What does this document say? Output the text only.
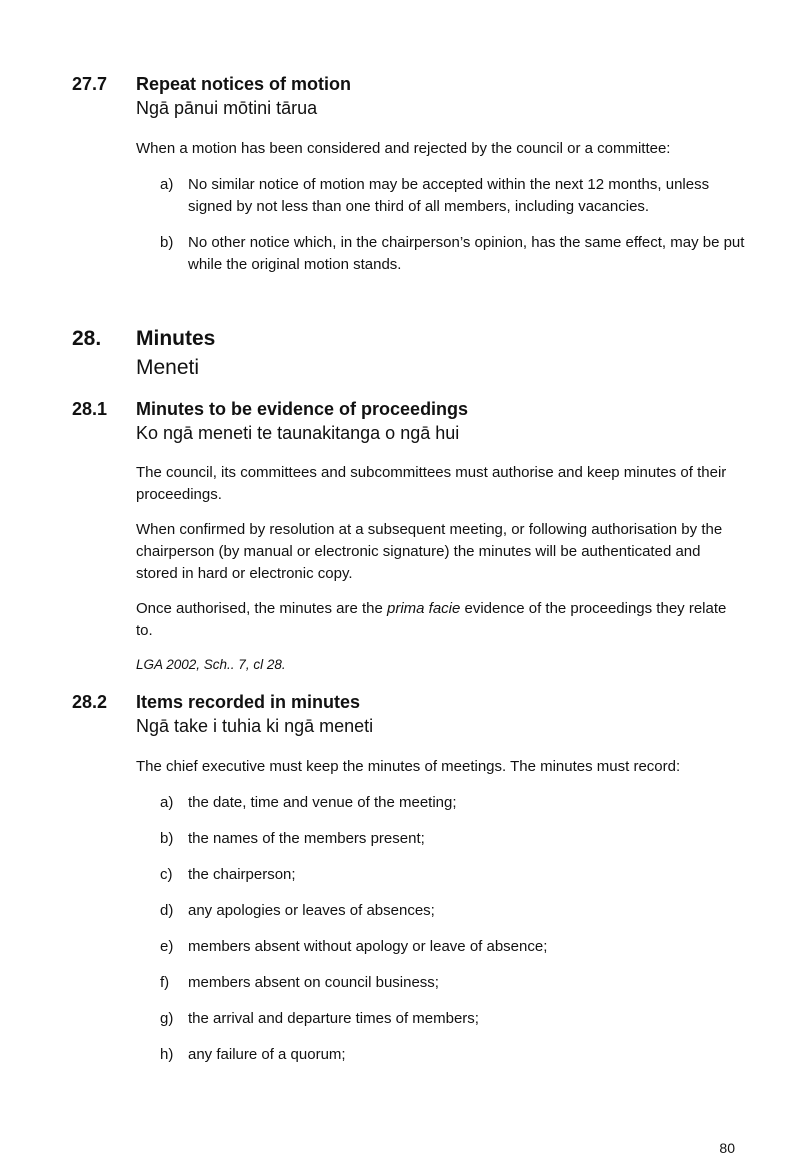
27.7 Repeat notices of motion
Ngā pānui mōtini tārua
When a motion has been considered and rejected by the council or a committee:
a) No similar notice of motion may be accepted within the next 12 months, unless signed by not less than one third of all members, including vacancies.
b) No other notice which, in the chairperson’s opinion, has the same effect, may be put while the original motion stands.
28. Minutes
Meneti
28.1 Minutes to be evidence of proceedings
Ko ngā meneti te taunakitanga o ngā hui
The council, its committees and subcommittees must authorise and keep minutes of their proceedings.
When confirmed by resolution at a subsequent meeting, or following authorisation by the chairperson (by manual or electronic signature) the minutes will be authenticated and stored in hard or electronic copy.
Once authorised, the minutes are the prima facie evidence of the proceedings they relate to.
LGA 2002, Sch.. 7, cl 28.
28.2 Items recorded in minutes
Ngā take i tuhia ki ngā meneti
The chief executive must keep the minutes of meetings. The minutes must record:
a) the date, time and venue of the meeting;
b) the names of the members present;
c) the chairperson;
d) any apologies or leaves of absences;
e) members absent without apology or leave of absence;
f) members absent on council business;
g) the arrival and departure times of members;
h) any failure of a quorum;
80
